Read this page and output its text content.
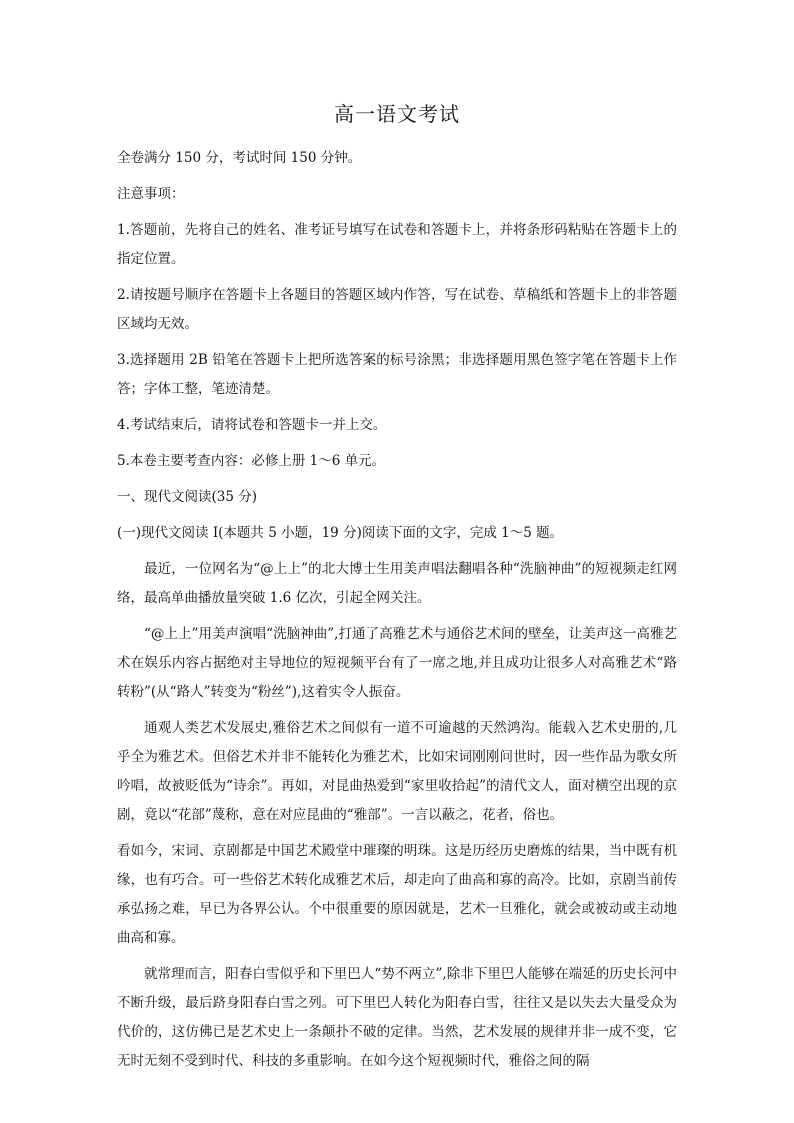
高一语文考试

全卷满分 150 分，考试时间 150 分钟。

注意事项：

1.答题前，先将自己的姓名、准考证号填写在试卷和答题卡上，并将条形码粘贴在答题卡上的指定位置。

2.请按题号顺序在答题卡上各题目的答题区域内作答，写在试卷、草稿纸和答题卡上的非答题区域均无效。

3.选择题用 2B 铅笔在答题卡上把所选答案的标号涂黑；非选择题用黑色签字笔在答题卡上作答；字体工整，笔迹清楚。

4.考试结束后，请将试卷和答题卡一并上交。

5.本卷主要考查内容：必修上册 1～6 单元。

一、现代文阅读(35 分)

(一)现代文阅读 I(本题共 5 小题，19 分)阅读下面的文字，完成 1～5 题。

最近，一位网名为“@上上”的北大博士生用美声唱法翻唱各种“洗脑神曲”的短视频走红网络，最高单曲播放量突破 1.6 亿次，引起全网关注。

“@上上”用美声演唱“洗脑神曲”,打通了高雅艺术与通俗艺术间的壁垒，让美声这一高雅艺术在娱乐内容占据绝对主导地位的短视频平台有了一席之地,并且成功让很多人对高雅艺术“路转粉”(从“路人”转变为“粉丝”),这着实令人振奋。

通观人类艺术发展史,雅俗艺术之间似有一道不可逾越的天然鸿沟。能载入艺术史册的,几乎全为雅艺术。但俗艺术并非不能转化为雅艺术，比如宋词刚刚问世时，因一些作品为歌女所吟唱，故被贬低为“诗余”。再如，对昆曲热爱到“家里收拾起”的清代文人，面对横空出现的京剧，竟以“花部”蔑称，意在对应昆曲的“雅部”。一言以蔽之，花者，俗也。

看如今，宋词、京剧都是中国艺术殿堂中璀璨的明珠。这是历经历史磨炼的结果，当中既有机缘，也有巧合。可一些俗艺术转化成雅艺术后，却走向了曲高和寡的高冷。比如，京剧当前传承弘扬之难，早已为各界公认。个中很重要的原因就是，艺术一旦雅化，就会或被动或主动地曲高和寡。

就常理而言，阳春白雪似乎和下里巴人“势不两立”,除非下里巴人能够在端延的历史长河中不断升级，最后跻身阳春白雪之列。可下里巴人转化为阳春白雪，往往又是以失去大量受众为代价的，这仿佛已是艺术史上一条颠扑不破的定律。当然，艺术发展的规律并非一成不变，它无时无刻不受到时代、科技的多重影响。在如今这个短视频时代，雅俗之间的隔
